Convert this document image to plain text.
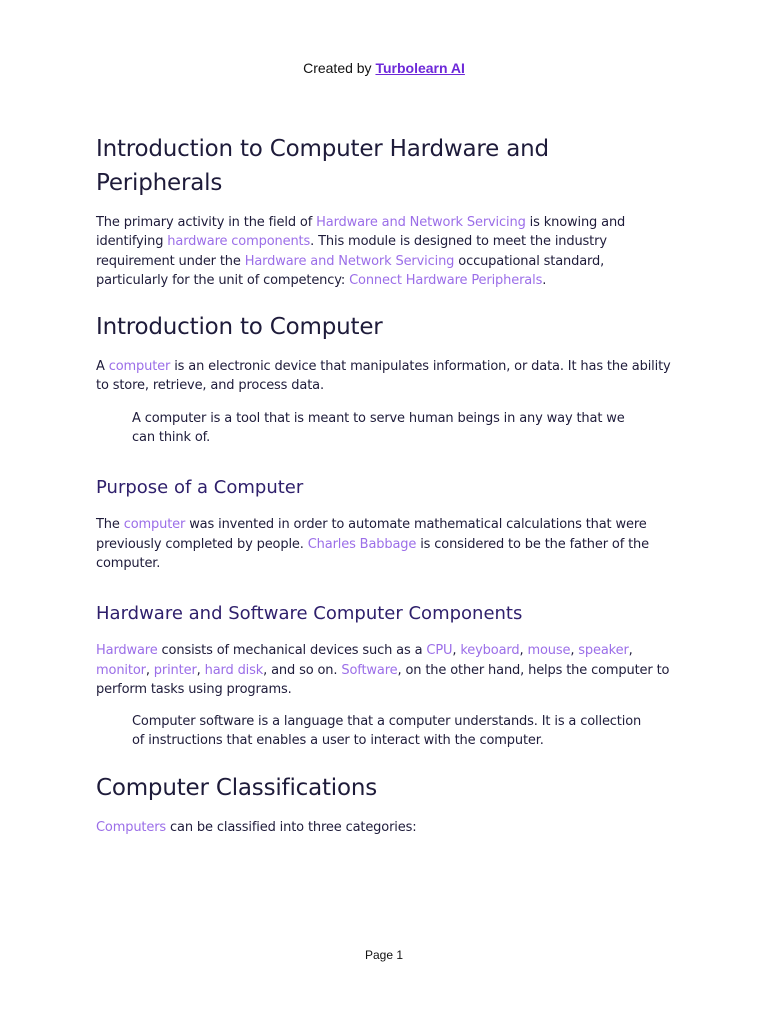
Created by Turbolearn AI
Introduction to Computer Hardware and Peripherals

The primary activity in the field of Hardware and Network Servicing is knowing and identifying hardware components. This module is designed to meet the industry requirement under the Hardware and Network Servicing occupational standard, particularly for the unit of competency: Connect Hardware Peripherals.

Introduction to Computer

A computer is an electronic device that manipulates information, or data. It has the ability to store, retrieve, and process data.

A computer is a tool that is meant to serve human beings in any way that we can think of.
Purpose of a Computer

The computer was invented in order to automate mathematical calculations that were previously completed by people. Charles Babbage is considered to be the father of the computer.

Hardware and Software Computer Components

Hardware consists of mechanical devices such as a CPU, keyboard, mouse, speaker, monitor, printer, hard disk, and so on. Software, on the other hand, helps the computer to perform tasks using programs.

Computer software is a language that a computer understands. It is a collection of instructions that enables a user to interact with the computer.
Computer Classifications

Computers can be classified into three categories:

Page 1
